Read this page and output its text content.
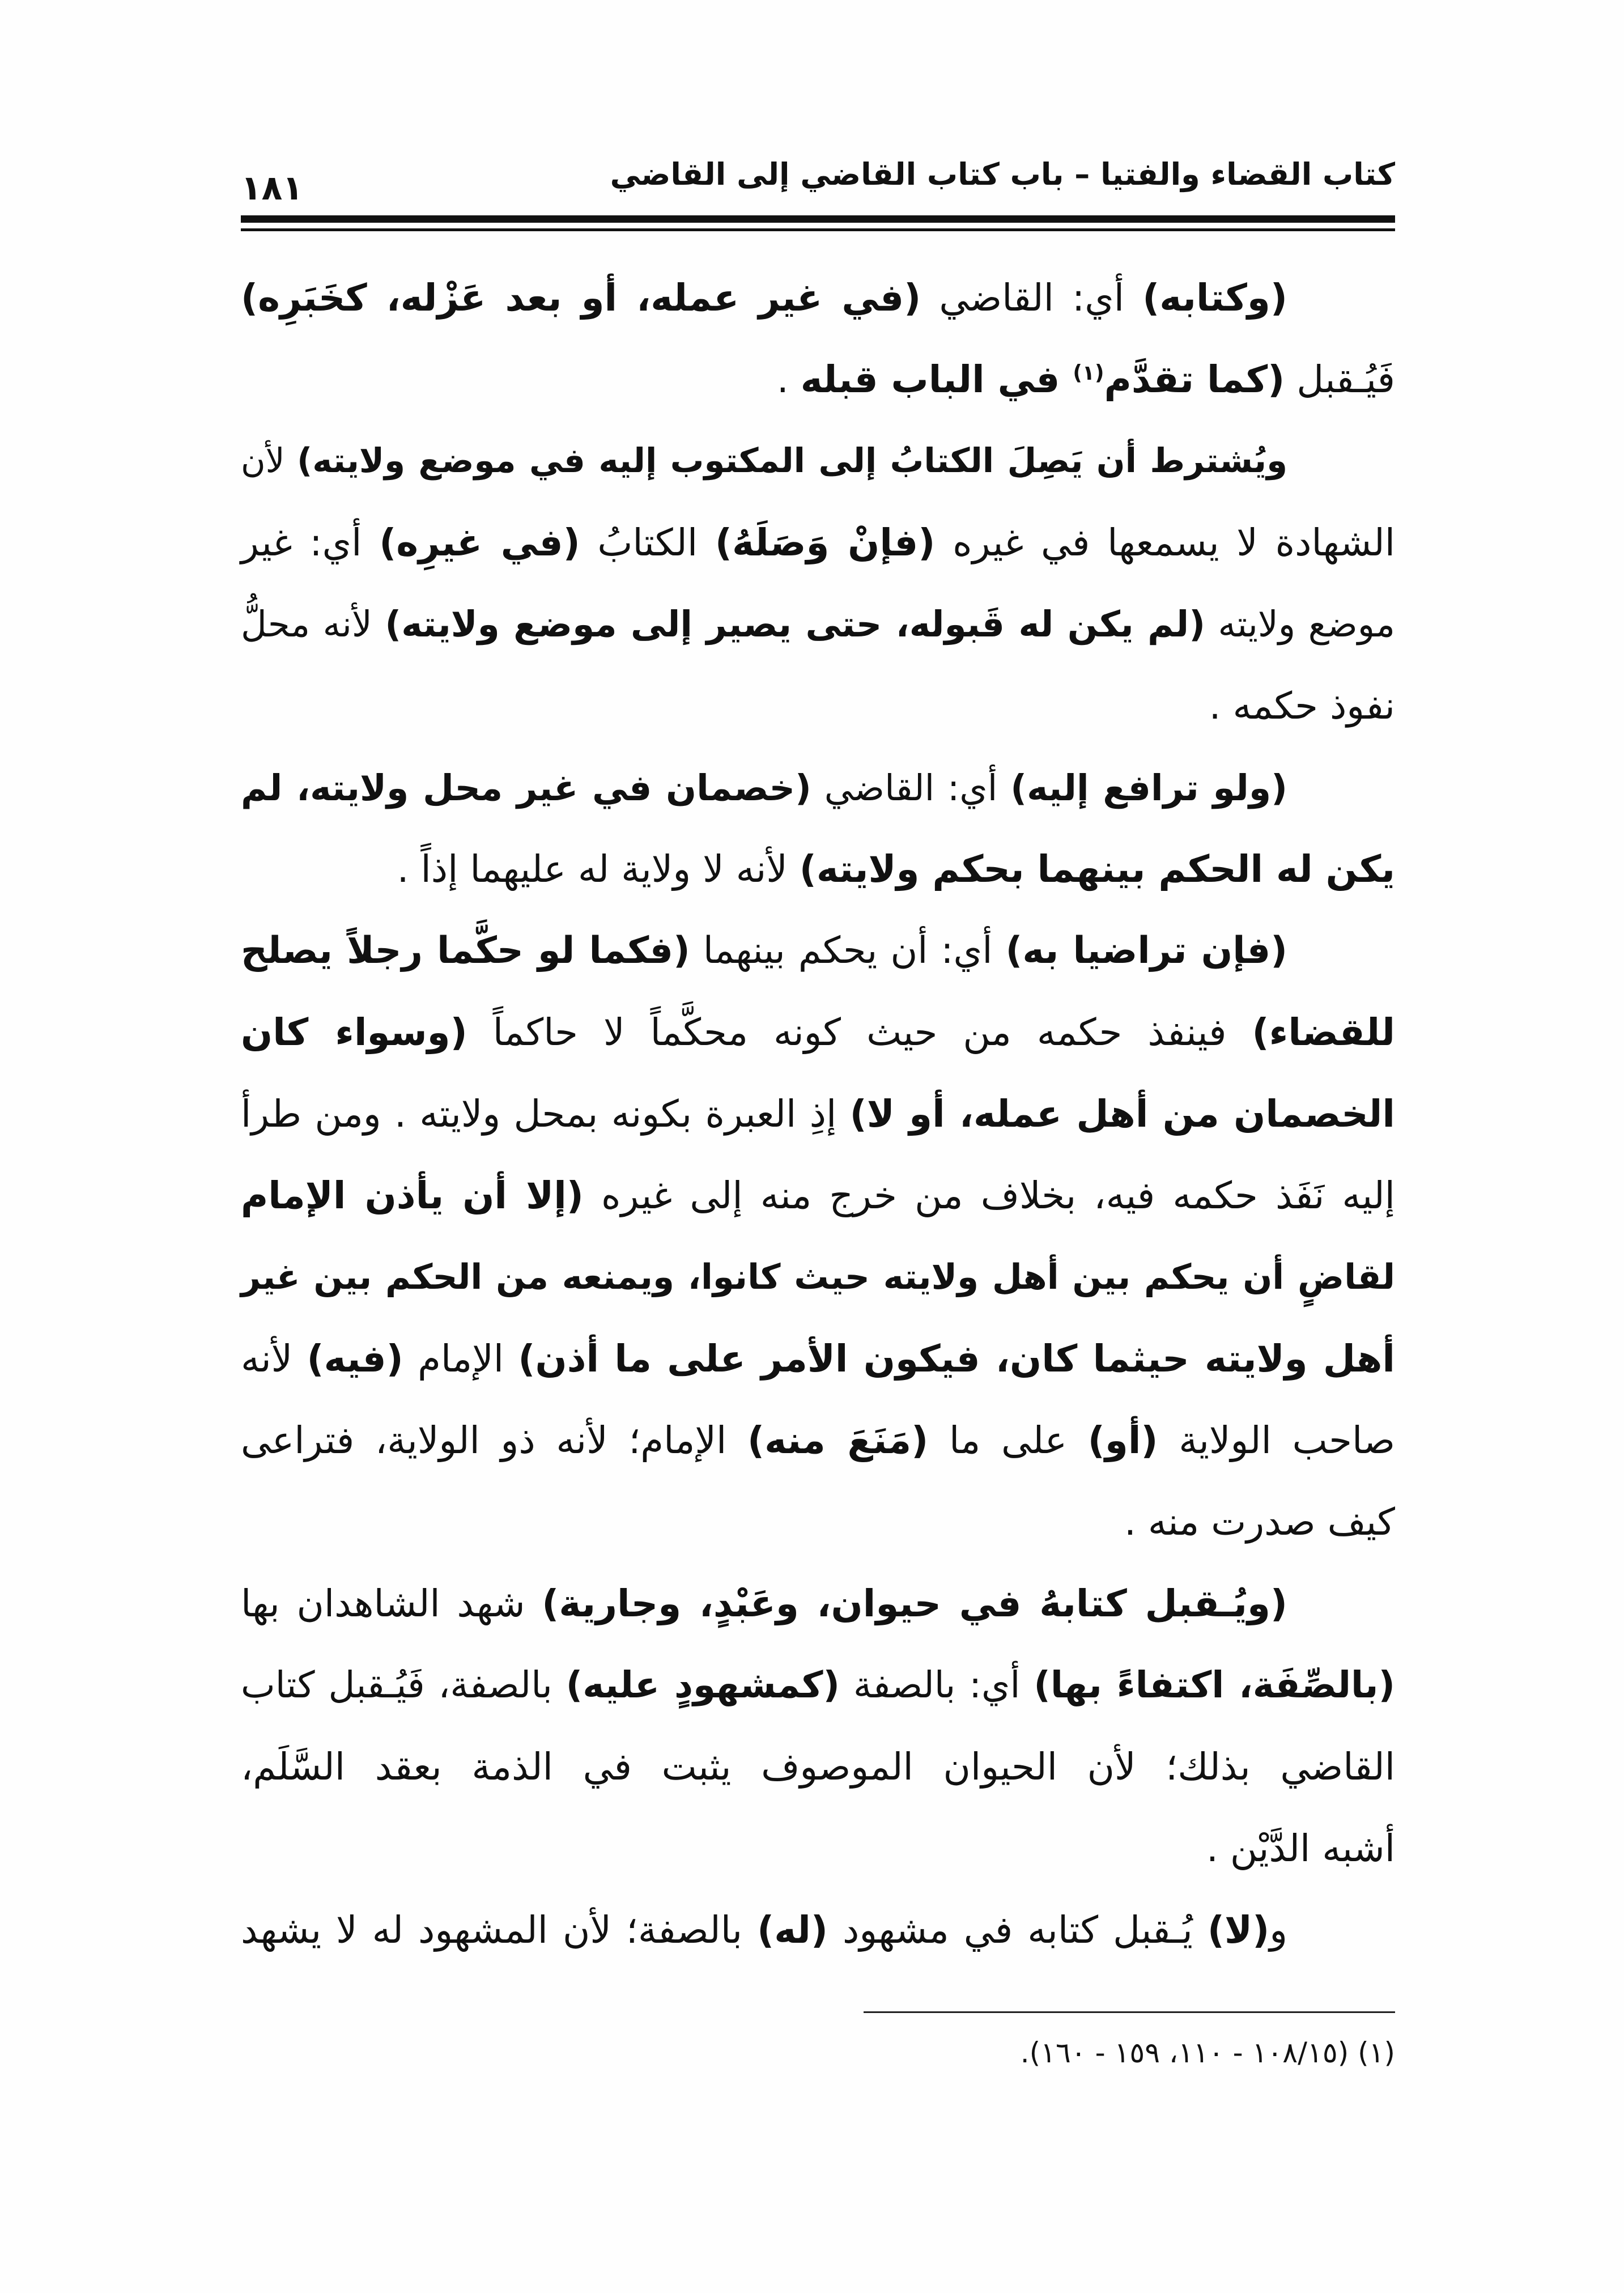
كتاب القضاء والفتيا – باب كتاب القاضي إلى القاضي
١٨١
(وكتابه) أي: القاضي (في غير عمله، أو بعد عَزْله، كخَبَرِه)
فَيُـقبل (كما تقدَّم$^{(١)}$ في الباب قبله .
ويُشترط أن يَصِلَ الكتابُ إلى المكتوب إليه في موضع ولايته) لأن
الشهادة لا يسمعها في غيره (فإنْ وَصَلَهُ) الكتابُ (في غيرِه) أي: غير
موضع ولايته (لم يكن له قَبوله، حتى يصير إلى موضع ولايته) لأنه محلُّ
نفوذ حكمه .
(ولو ترافع إليه) أي: القاضي (خصمان في غير محل ولايته، لم
يكن له الحكم بينهما بحكم ولايته) لأنه لا ولاية له عليهما إذاً .
(فإن تراضيا به) أي: أن يحكم بينهما (فكما لو حكَّما رجلاً يصلح
للقضاء) فينفذ حكمه من حيث كونه محكَّماً لا حاكماً (وسواء كان
الخصمان من أهل عمله، أو لا) إذِ العبرة بكونه بمحل ولايته . ومن طرأ
إليه نَفَذ حكمه فيه، بخلاف من خرج منه إلى غيره (إلا أن يأذن الإمام
لقاضٍ أن يحكم بين أهل ولايته حيث كانوا، ويمنعه من الحكم بين غير
أهل ولايته حيثما كان، فيكون الأمر على ما أذن) الإمام (فيه) لأنه
صاحب الولاية (أو) على ما (مَنَعَ منه) الإمام؛ لأنه ذو الولاية، فتراعى
كيف صدرت منه .
(ويُـقبل كتابهُ في حيوان، وعَبْدٍ، وجارية) شهد الشاهدان بها
(بالصِّفَة، اكتفاءً بها) أي: بالصفة (كمشهودٍ عليه) بالصفة، فَيُـقبل كتاب
القاضي بذلك؛ لأن الحيوان الموصوف يثبت في الذمة بعقد السَّلَم،
أشبه الدَّيْن .
و(لا) يُـقبل كتابه في مشهود (له) بالصفة؛ لأن المشهود له لا يشهد
(١) (١٠٨/١٥ - ١١٠، ١٥٩ - ١٦٠).
